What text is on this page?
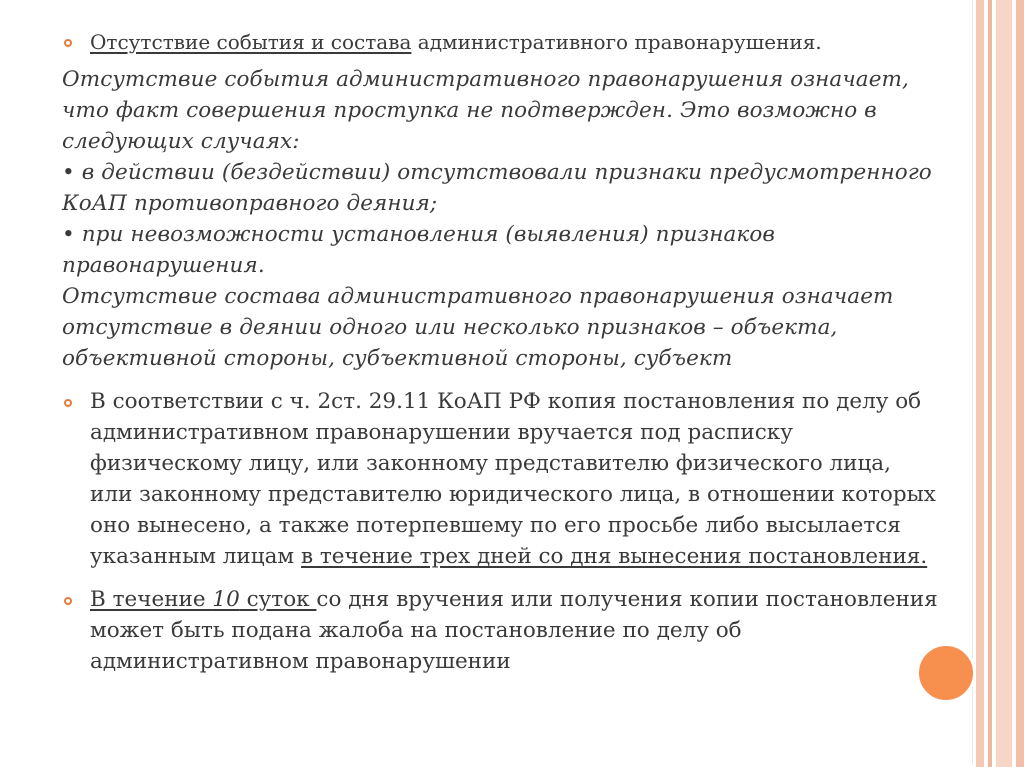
Отсутствие события и состава административного правонарушения.

Отсутствие события административного правонарушения означает, что факт совершения проступка не подтвержден. Это возможно в следующих случаях:

• в действии (бездействии) отсутствовали признаки предусмотренного КоАП противоправного деяния;

• при невозможности установления (выявления) признаков правонарушения.

Отсутствие состава административного правонарушения означает отсутствие в деянии одного или несколько признаков – объекта, объективной стороны, субъективной стороны, субъект

В соответствии с ч. 2ст. 29.11 КоАП РФ копия постановления по делу об административном правонарушении вручается под расписку физическому лицу, или законному представителю физического лица, или законному представителю юридического лица, в отношении которых оно вынесено, а также потерпевшему по его просьбе либо высылается указанным лицам в течение трех дней со дня вынесения постановления.

В течение 10 суток со дня вручения или получения копии постановления может быть подана жалоба на постановление по делу об административном правонарушении
